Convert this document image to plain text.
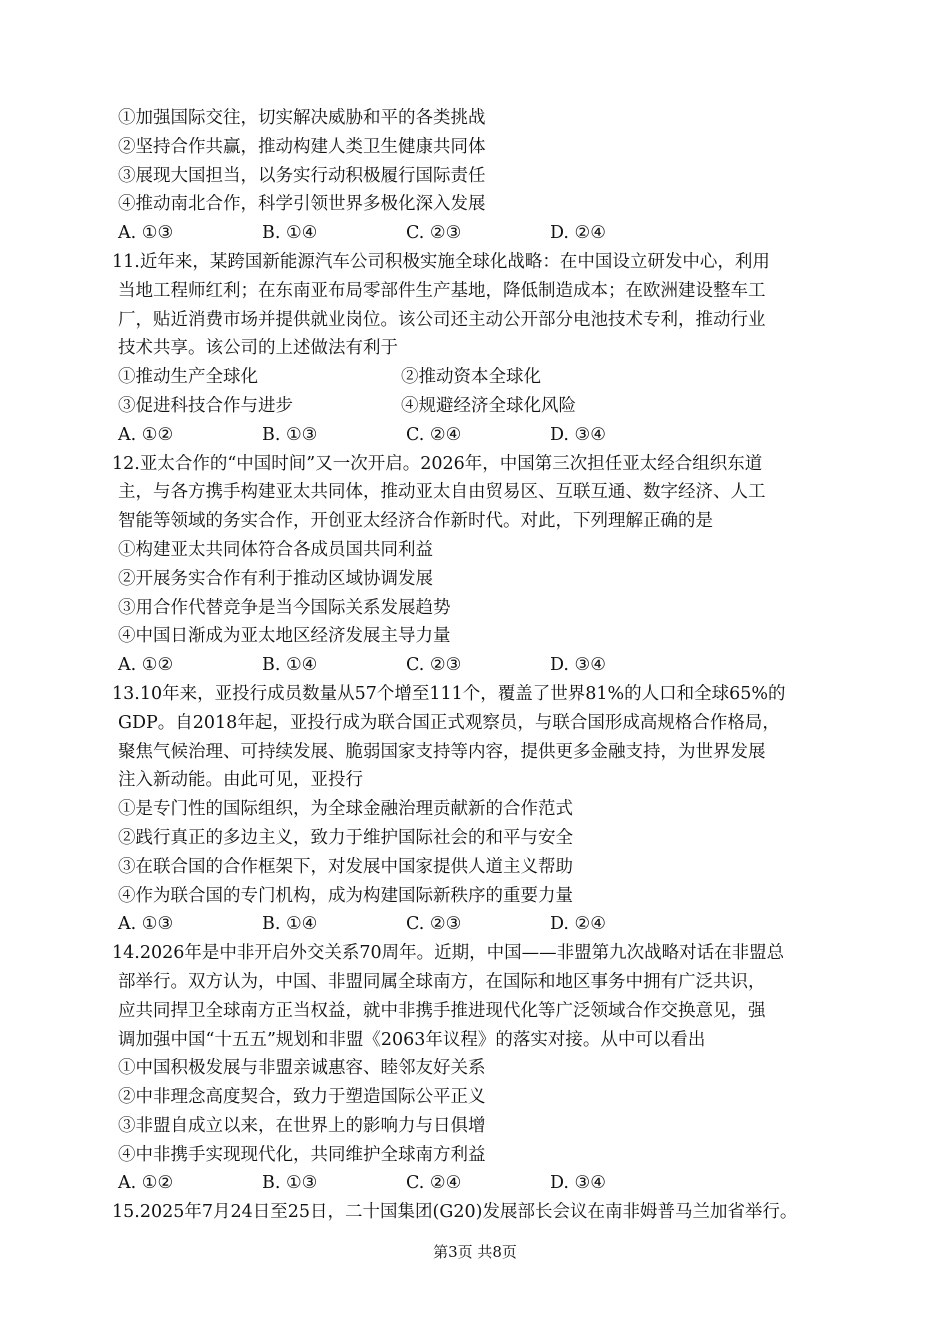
①加强国际交往，切实解决威胁和平的各类挑战
②坚持合作共赢，推动构建人类卫生健康共同体
③展现大国担当，以务实行动积极履行国际责任
④推动南北合作，科学引领世界多极化深入发展
A. ①③	B. ①④	C. ②③	D. ②④
11.近年来，某跨国新能源汽车公司积极实施全球化战略：在中国设立研发中心，利用
当地工程师红利；在东南亚布局零部件生产基地，降低制造成本；在欧洲建设整车工
厂，贴近消费市场并提供就业岗位。该公司还主动公开部分电池技术专利，推动行业
技术共享。该公司的上述做法有利于
①推动生产全球化	②推动资本全球化
③促进科技合作与进步	④规避经济全球化风险
A. ①②	B. ①③	C. ②④	D. ③④
12.亚太合作的“中国时间”又一次开启。2026年，中国第三次担任亚太经合组织东道
主，与各方携手构建亚太共同体，推动亚太自由贸易区、互联互通、数字经济、人工
智能等领域的务实合作，开创亚太经济合作新时代。对此，下列理解正确的是
①构建亚太共同体符合各成员国共同利益
②开展务实合作有利于推动区域协调发展
③用合作代替竞争是当今国际关系发展趋势
④中国日渐成为亚太地区经济发展主导力量
A. ①②	B. ①④	C. ②③	D. ③④
13.10年来，亚投行成员数量从57个增至111个，覆盖了世界81%的人口和全球65%的
GDP。自2018年起，亚投行成为联合国正式观察员，与联合国形成高规格合作格局，
聚焦气候治理、可持续发展、脆弱国家支持等内容，提供更多金融支持，为世界发展
注入新动能。由此可见，亚投行
①是专门性的国际组织，为全球金融治理贡献新的合作范式
②践行真正的多边主义，致力于维护国际社会的和平与安全
③在联合国的合作框架下，对发展中国家提供人道主义帮助
④作为联合国的专门机构，成为构建国际新秩序的重要力量
A. ①③	B. ①④	C. ②③	D. ②④
14.2026年是中非开启外交关系70周年。近期，中国——非盟第九次战略对话在非盟总
部举行。双方认为，中国、非盟同属全球南方，在国际和地区事务中拥有广泛共识，
应共同捍卫全球南方正当权益，就中非携手推进现代化等广泛领域合作交换意见，强
调加强中国“十五五”规划和非盟《2063年议程》的落实对接。从中可以看出
①中国积极发展与非盟亲诚惠容、睦邻友好关系
②中非理念高度契合，致力于塑造国际公平正义
③非盟自成立以来，在世界上的影响力与日俱增
④中非携手实现现代化，共同维护全球南方利益
A. ①②	B. ①③	C. ②④	D. ③④
15.2025年7月24日至25日，二十国集团(G20)发展部长会议在南非姆普马兰加省举行。
第3页 共8页
